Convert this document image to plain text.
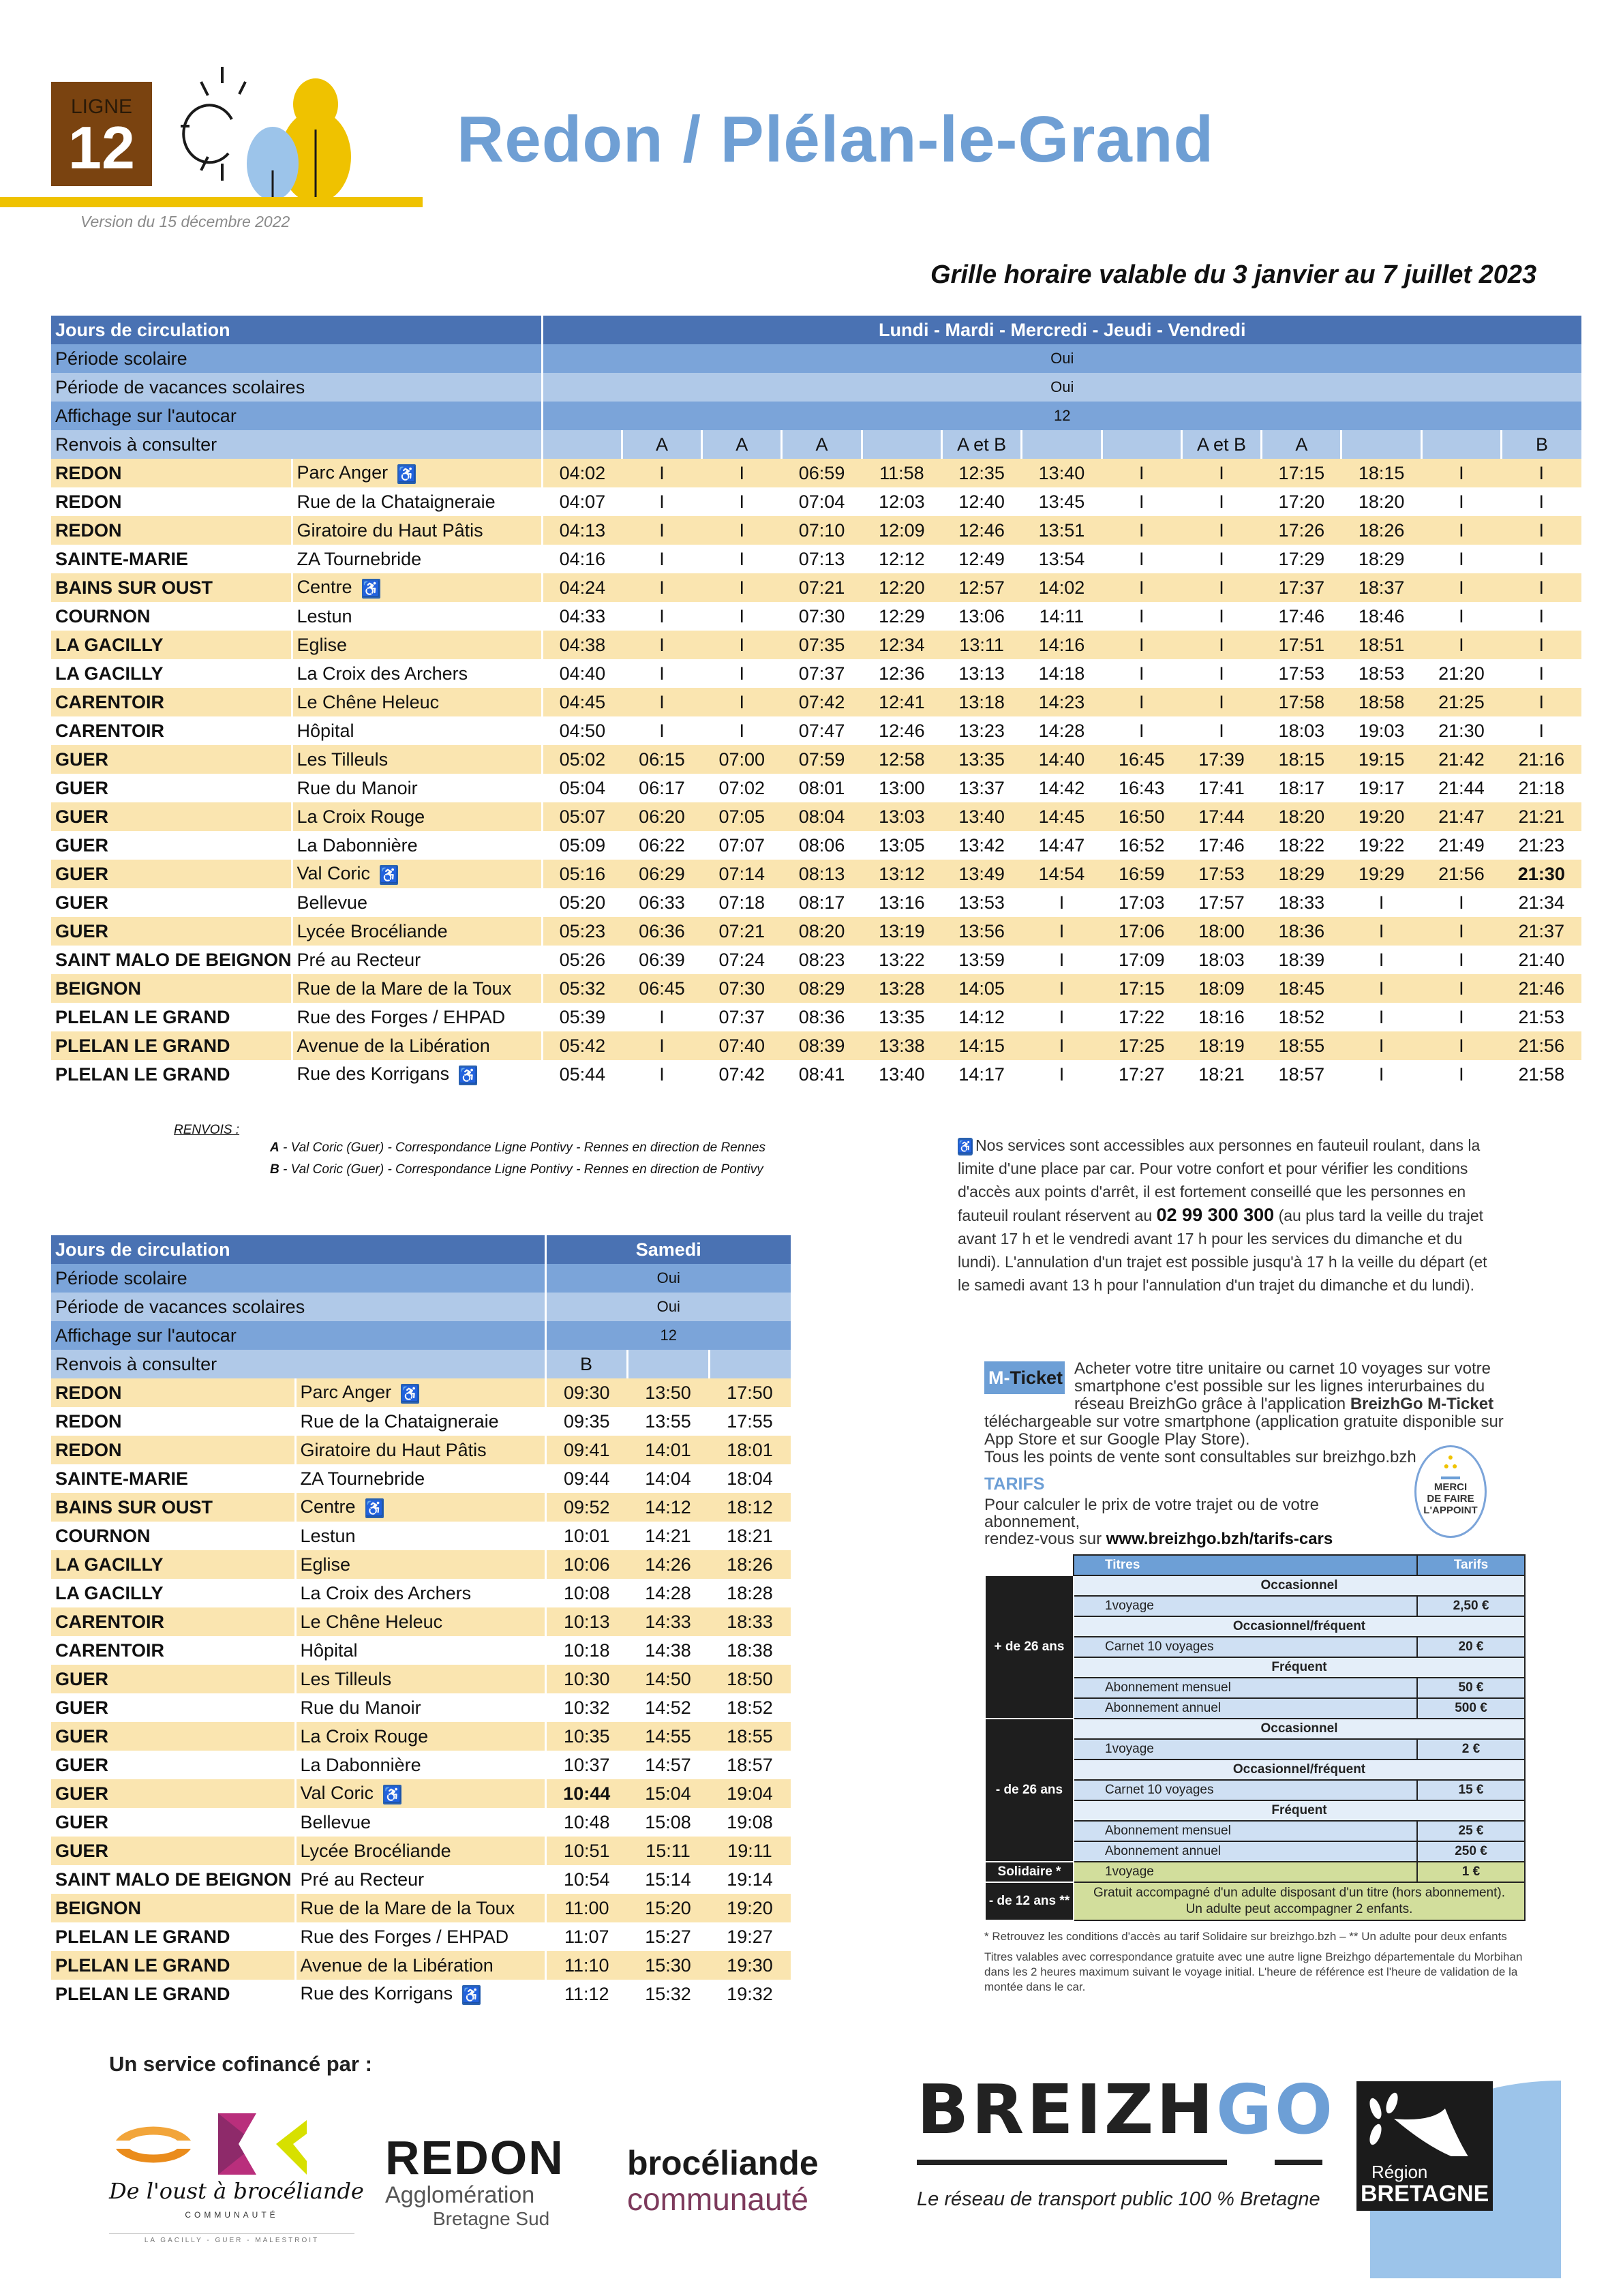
LIGNE
12
Version du 15 décembre 2022
Redon / Plélan-le-Grand
Grille horaire valable du 3 janvier au 7 juillet 2023
Jours de circulation		Lundi - Mardi - Mercredi - Jeudi - Vendredi												
Période scolaire		Oui												
Période de vacances scolaires		Oui												
Affichage sur l'autocar		12												
Renvois à consulter			A	A	A		A et B			A et B	A			B
REDON	Parc Anger ♿	04:02	I	I	06:59	11:58	12:35	13:40	I	I	17:15	18:15	I	I
REDON	Rue de la Chataigneraie	04:07	I	I	07:04	12:03	12:40	13:45	I	I	17:20	18:20	I	I
REDON	Giratoire du Haut Pâtis	04:13	I	I	07:10	12:09	12:46	13:51	I	I	17:26	18:26	I	I
SAINTE-MARIE	ZA Tournebride	04:16	I	I	07:13	12:12	12:49	13:54	I	I	17:29	18:29	I	I
BAINS SUR OUST	Centre ♿	04:24	I	I	07:21	12:20	12:57	14:02	I	I	17:37	18:37	I	I
COURNON	Lestun	04:33	I	I	07:30	12:29	13:06	14:11	I	I	17:46	18:46	I	I
LA GACILLY	Eglise	04:38	I	I	07:35	12:34	13:11	14:16	I	I	17:51	18:51	I	I
LA GACILLY	La Croix des Archers	04:40	I	I	07:37	12:36	13:13	14:18	I	I	17:53	18:53	21:20	I
CARENTOIR	Le Chêne Heleuc	04:45	I	I	07:42	12:41	13:18	14:23	I	I	17:58	18:58	21:25	I
CARENTOIR	Hôpital	04:50	I	I	07:47	12:46	13:23	14:28	I	I	18:03	19:03	21:30	I
GUER	Les Tilleuls	05:02	06:15	07:00	07:59	12:58	13:35	14:40	16:45	17:39	18:15	19:15	21:42	21:16
GUER	Rue du Manoir	05:04	06:17	07:02	08:01	13:00	13:37	14:42	16:43	17:41	18:17	19:17	21:44	21:18
GUER	La Croix Rouge	05:07	06:20	07:05	08:04	13:03	13:40	14:45	16:50	17:44	18:20	19:20	21:47	21:21
GUER	La Dabonnière	05:09	06:22	07:07	08:06	13:05	13:42	14:47	16:52	17:46	18:22	19:22	21:49	21:23
GUER	Val Coric ♿	05:16	06:29	07:14	08:13	13:12	13:49	14:54	16:59	17:53	18:29	19:29	21:56	21:30
GUER	Bellevue	05:20	06:33	07:18	08:17	13:16	13:53	I	17:03	17:57	18:33	I	I	21:34
GUER	Lycée Brocéliande	05:23	06:36	07:21	08:20	13:19	13:56	I	17:06	18:00	18:36	I	I	21:37
SAINT MALO DE BEIGNON	Pré au Recteur	05:26	06:39	07:24	08:23	13:22	13:59	I	17:09	18:03	18:39	I	I	21:40
BEIGNON	Rue de la Mare de la Toux	05:32	06:45	07:30	08:29	13:28	14:05	I	17:15	18:09	18:45	I	I	21:46
PLELAN LE GRAND	Rue des Forges / EHPAD	05:39	I	07:37	08:36	13:35	14:12	I	17:22	18:16	18:52	I	I	21:53
PLELAN LE GRAND	Avenue de la Libération	05:42	I	07:40	08:39	13:38	14:15	I	17:25	18:19	18:55	I	I	21:56
PLELAN LE GRAND	Rue des Korrigans ♿	05:44	I	07:42	08:41	13:40	14:17	I	17:27	18:21	18:57	I	I	21:58
RENVOIS :
A - Val Coric (Guer) - Correspondance Ligne Pontivy - Rennes en direction de Rennes
B - Val Coric (Guer) - Correspondance Ligne Pontivy - Rennes en direction de Pontivy
♿ Nos services sont accessibles aux personnes en fauteuil roulant, dans la limite d'une place par car. Pour votre confort et pour vérifier les conditions d'accès aux points d'arrêt, il est fortement conseillé que les personnes en fauteuil roulant réservent au 02 99 300 300 (au plus tard la veille du trajet avant 17 h et le vendredi avant 17 h pour les services du dimanche et du lundi). L'annulation d'un trajet est possible jusqu'à 17 h la veille du départ (et le samedi avant 13 h pour l'annulation d'un trajet du dimanche et du lundi).
Jours de circulation		Samedi		
Période scolaire		Oui		
Période de vacances scolaires		Oui		
Affichage sur l'autocar		12		
Renvois à consulter		B		
REDON	Parc Anger ♿	09:30	13:50	17:50
REDON	Rue de la Chataigneraie	09:35	13:55	17:55
REDON	Giratoire du Haut Pâtis	09:41	14:01	18:01
SAINTE-MARIE	ZA Tournebride	09:44	14:04	18:04
BAINS SUR OUST	Centre ♿	09:52	14:12	18:12
COURNON	Lestun	10:01	14:21	18:21
LA GACILLY	Eglise	10:06	14:26	18:26
LA GACILLY	La Croix des Archers	10:08	14:28	18:28
CARENTOIR	Le Chêne Heleuc	10:13	14:33	18:33
CARENTOIR	Hôpital	10:18	14:38	18:38
GUER	Les Tilleuls	10:30	14:50	18:50
GUER	Rue du Manoir	10:32	14:52	18:52
GUER	La Croix Rouge	10:35	14:55	18:55
GUER	La Dabonnière	10:37	14:57	18:57
GUER	Val Coric ♿	10:44	15:04	19:04
GUER	Bellevue	10:48	15:08	19:08
GUER	Lycée Brocéliande	10:51	15:11	19:11
SAINT MALO DE BEIGNON	Pré au Recteur	10:54	15:14	19:14
BEIGNON	Rue de la Mare de la Toux	11:00	15:20	19:20
PLELAN LE GRAND	Rue des Forges / EHPAD	11:07	15:27	19:27
PLELAN LE GRAND	Avenue de la Libération	11:10	15:30	19:30
PLELAN LE GRAND	Rue des Korrigans ♿	11:12	15:32	19:32
M-Ticket Acheter votre titre unitaire ou carnet 10 voyages sur votre smartphone c'est possible sur les lignes interurbaines du réseau BreizhGo grâce à l'application BreizhGo M-Ticket téléchargeable sur votre smartphone (application gratuite disponible sur App Store et sur Google Play Store).
Tous les points de vente sont consultables sur breizhgo.bzh
TARIFS
Pour calculer le prix de votre trajet ou de votre abonnement,
rendez-vous sur www.breizhgo.bzh/tarifs-cars
●
● ●
▬▬
MERCI
DE FAIRE
L'APPOINT
	Titres	Tarifs
+ de 26 ans	Occasionnel	
	1voyage	2,50 €
	Occasionnel/fréquent	
	Carnet 10 voyages	20 €
	Fréquent	
	Abonnement mensuel	50 €
	Abonnement annuel	500 €
- de 26 ans	Occasionnel	
	1voyage	2 €
	Occasionnel/fréquent	
	Carnet 10 voyages	15 €
	Fréquent	
	Abonnement mensuel	25 €
	Abonnement annuel	250 €
Solidaire *	1voyage	1 €
- de 12 ans **	Gratuit accompagné d'un adulte disposant d'un titre (hors abonnement).
Un adulte peut accompagner 2 enfants.	

* Retrouvez les conditions d'accès au tarif Solidaire sur breizhgo.bzh – ** Un adulte pour deux enfants

Titres valables avec correspondance gratuite avec une autre ligne Breizhgo départementale du Morbihan dans les 2 heures maximum suivant le voyage initial. L'heure de référence est l'heure de validation de la montée dans le car.

Un service cofinancé par :
De l'oust à brocéliande
COMMUNAUTÉ
LA GACILLY - GUER - MALESTROIT
REDON
Agglomération
Bretagne Sud
brocéliande
communauté
BREIZHGO
Le réseau de transport public 100 % Bretagne
Région
BRETAGNE
